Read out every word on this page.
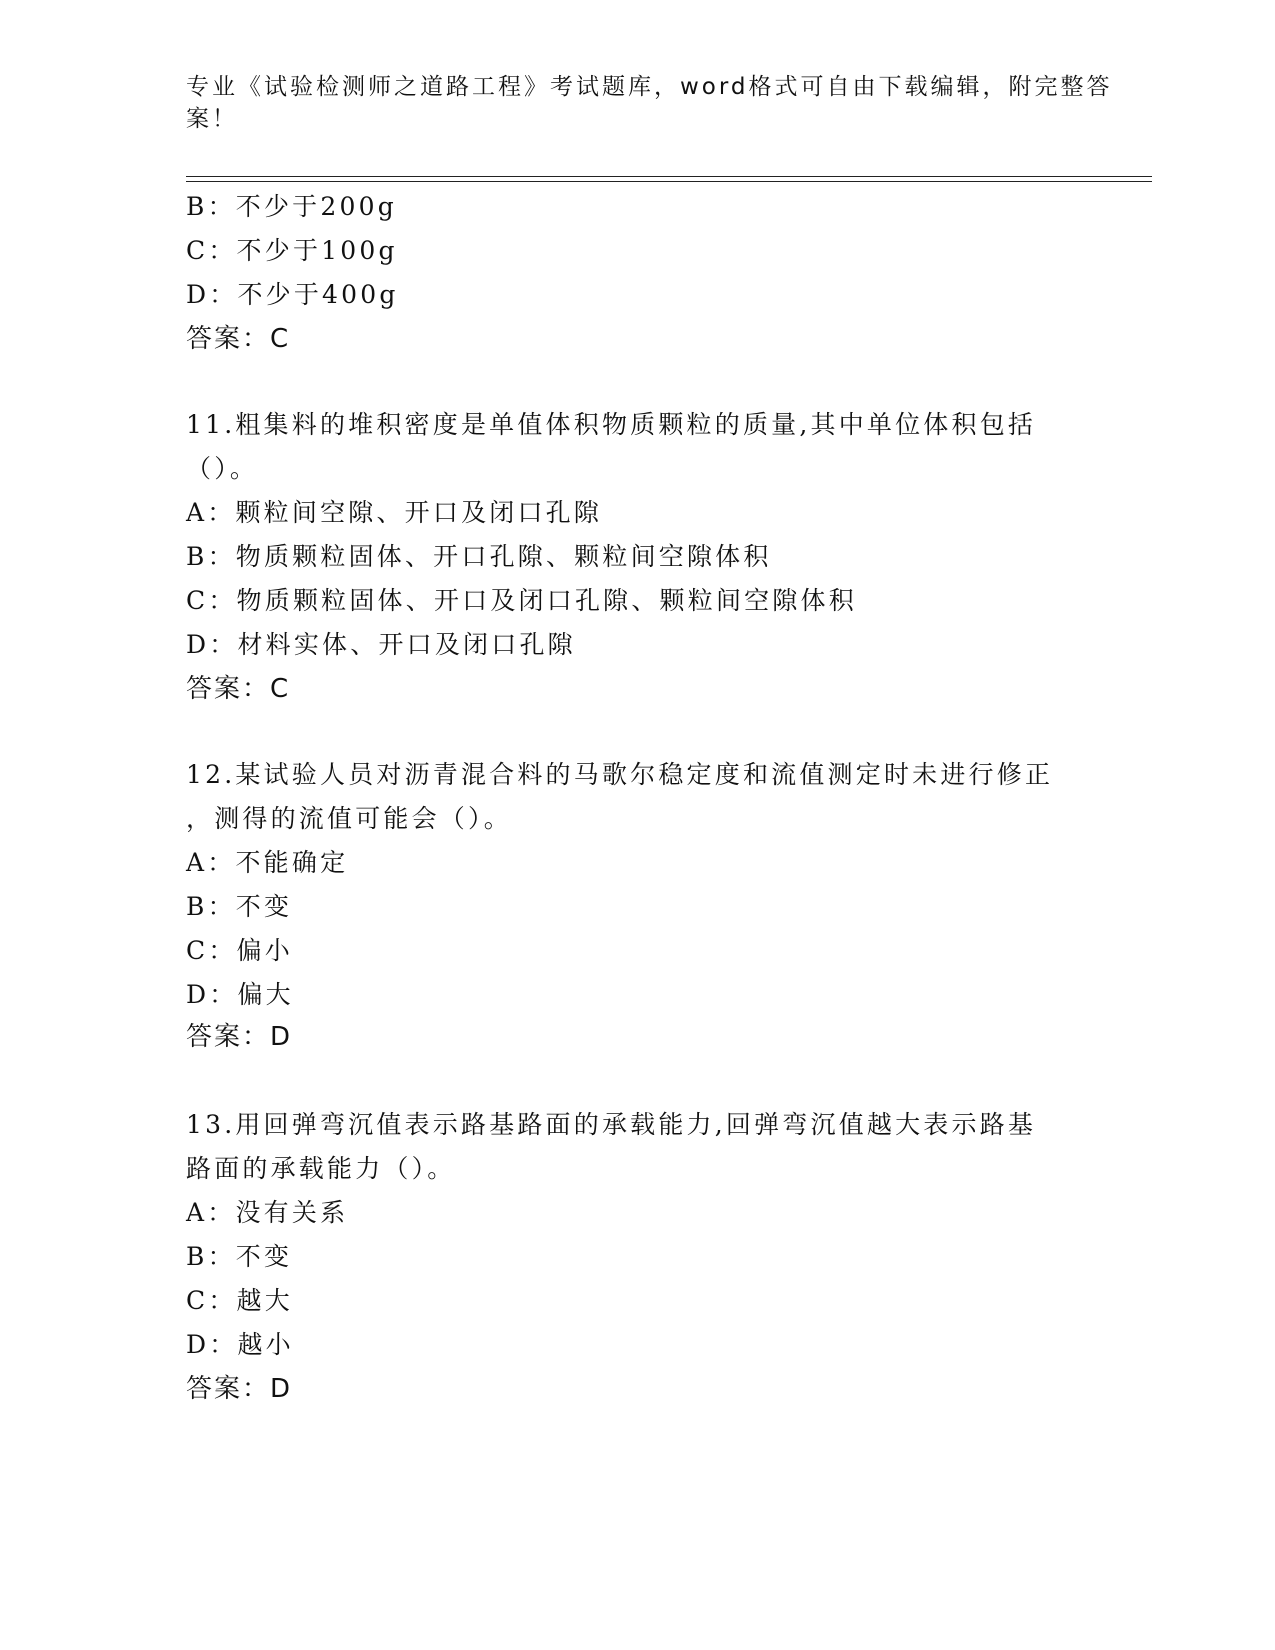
专业《试验检测师之道路工程》考试题库，word格式可自由下载编辑，附完整答
案！
B：不少于200g
C：不少于100g
D：不少于400g
答案：C
11.粗集料的堆积密度是单值体积物质颗粒的质量,其中单位体积包括
（）。
A：颗粒间空隙、开口及闭口孔隙
B：物质颗粒固体、开口孔隙、颗粒间空隙体积
C：物质颗粒固体、开口及闭口孔隙、颗粒间空隙体积
D：材料实体、开口及闭口孔隙
答案：C
12.某试验人员对沥青混合料的马歌尔稳定度和流值测定时未进行修正
，测得的流值可能会（）。
A：不能确定
B：不变
C：偏小
D：偏大
答案：D
13.用回弹弯沉值表示路基路面的承载能力,回弹弯沉值越大表示路基
路面的承载能力（）。
A：没有关系
B：不变
C：越大
D：越小
答案：D
